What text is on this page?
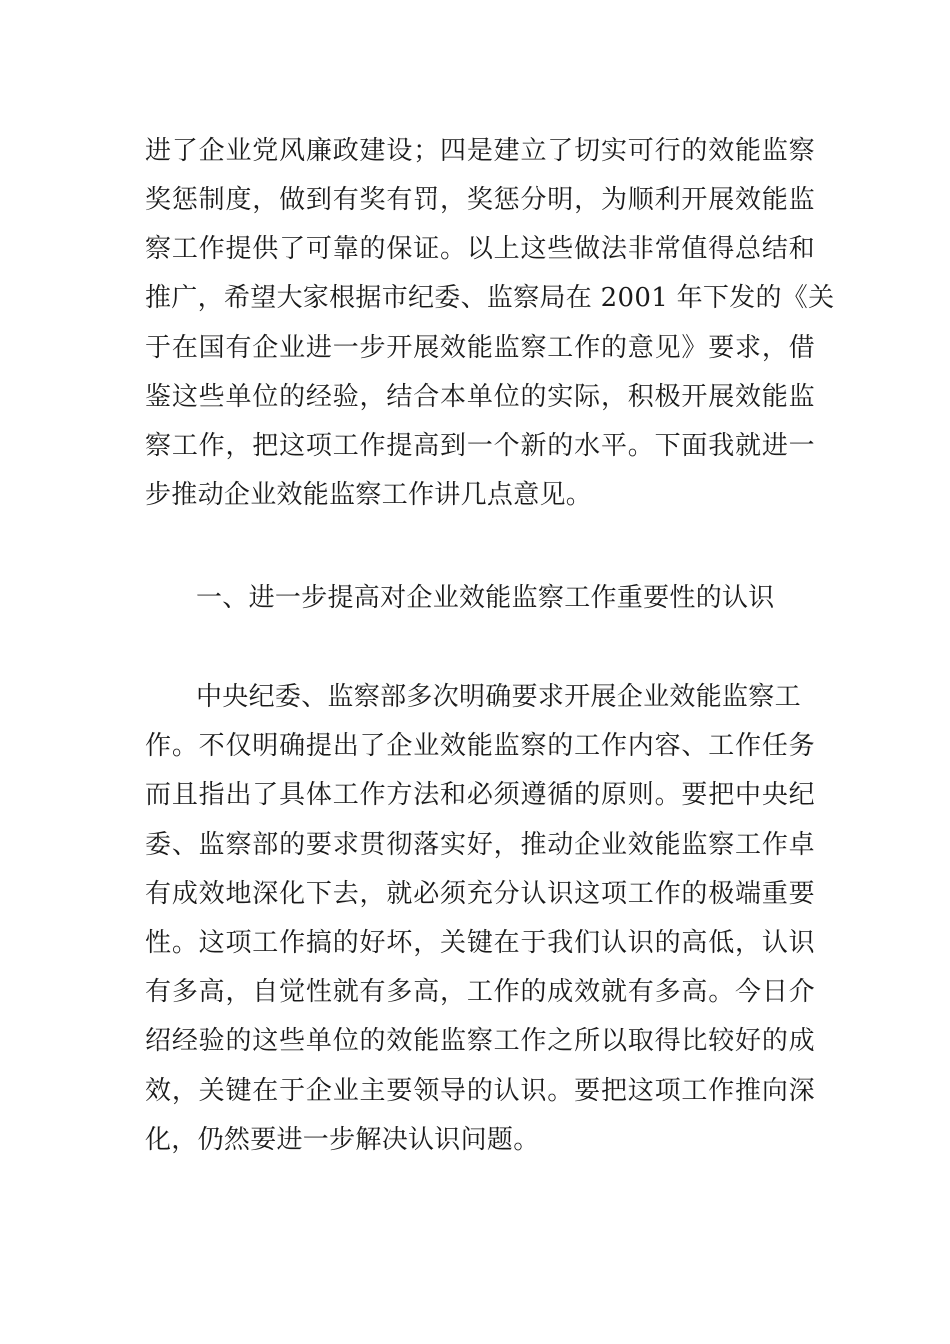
进了企业党风廉政建设；四是建立了切实可行的效能监察
奖惩制度，做到有奖有罚，奖惩分明，为顺利开展效能监
察工作提供了可靠的保证。以上这些做法非常值得总结和
推广，希望大家根据市纪委、监察局在 2001 年下发的《关
于在国有企业进一步开展效能监察工作的意见》要求，借
鉴这些单位的经验，结合本单位的实际，积极开展效能监
察工作，把这项工作提高到一个新的水平。下面我就进一
步推动企业效能监察工作讲几点意见。
一、进一步提高对企业效能监察工作重要性的认识
中央纪委、监察部多次明确要求开展企业效能监察工
作。不仅明确提出了企业效能监察的工作内容、工作任务
而且指出了具体工作方法和必须遵循的原则。要把中央纪
委、监察部的要求贯彻落实好，推动企业效能监察工作卓
有成效地深化下去，就必须充分认识这项工作的极端重要
性。这项工作搞的好坏，关键在于我们认识的高低，认识
有多高，自觉性就有多高，工作的成效就有多高。今日介
绍经验的这些单位的效能监察工作之所以取得比较好的成
效，关键在于企业主要领导的认识。要把这项工作推向深
化，仍然要进一步解决认识问题。
